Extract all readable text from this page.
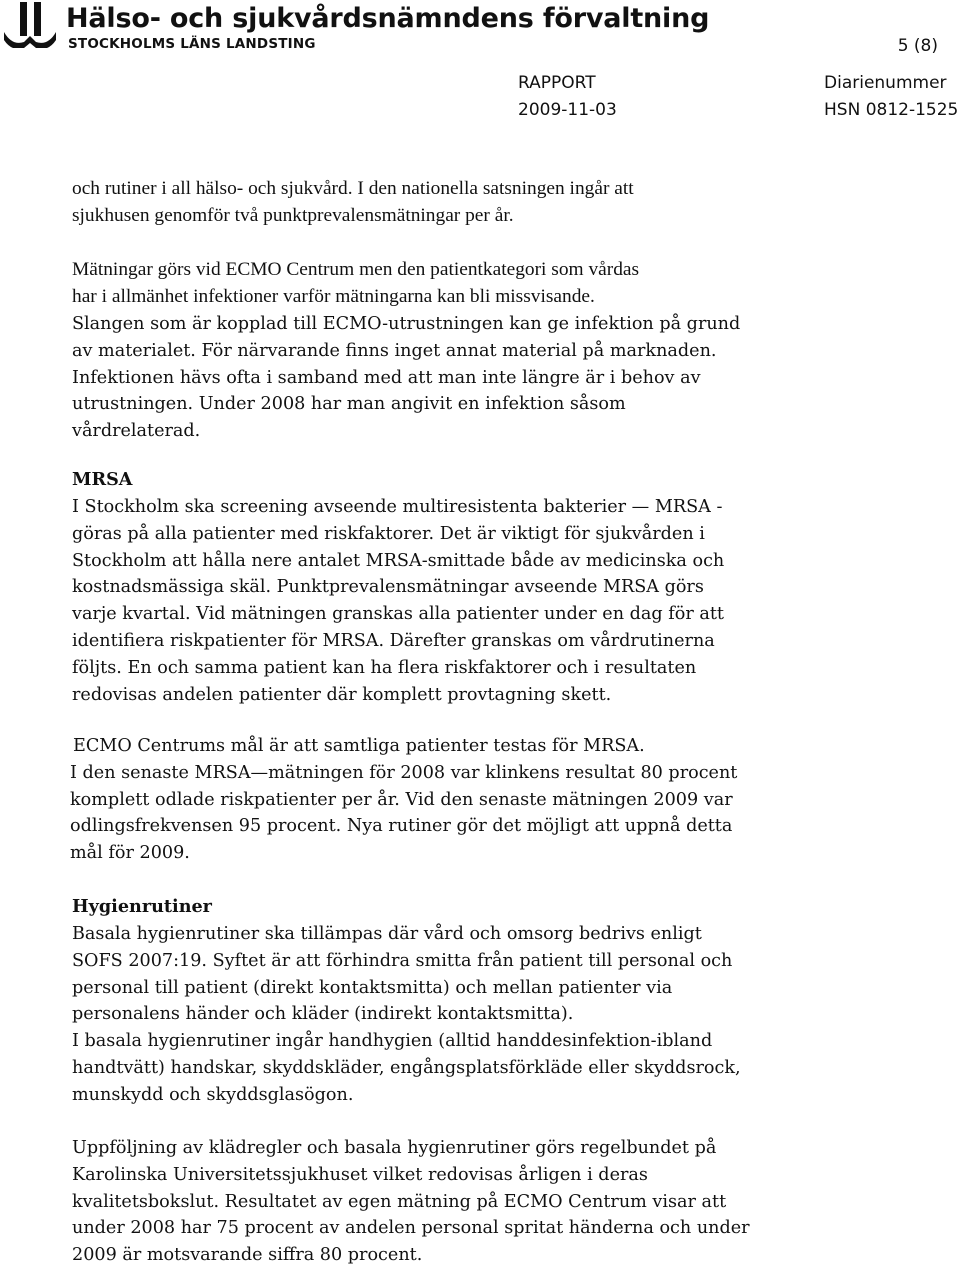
Hälso- och sjukvårdsnämndens förvaltning
STOCKHOLMS LÄNS LANDSTING	5 (8)
RAPPORT
2009-11-03
Diarienummer
HSN 0812-1525
och rutiner i all hälso- och sjukvård. I den nationella satsningen ingår att
sjukhusen genomför två punktprevalensmätningar per år.
Mätningar görs vid ECMO Centrum men den patientkategori som vårdas
har i allmänhet infektioner varför mätningarna kan bli missvisande.
Slangen som är kopplad till ECMO-utrustningen kan ge infektion på grund
av materialet. För närvarande finns inget annat material på marknaden.
Infektionen hävs ofta i samband med att man inte längre är i behov av
utrustningen. Under 2008 har man angivit en infektion såsom
vårdrelaterad.
MRSA
I Stockholm ska screening avseende multiresistenta bakterier — MRSA -
göras på alla patienter med riskfaktorer. Det är viktigt för sjukvården i
Stockholm att hålla nere antalet MRSA-smittade både av medicinska och
kostnadsmässiga skäl. Punktprevalensmätningar avseende MRSA görs
varje kvartal. Vid mätningen granskas alla patienter under en dag för att
identifiera riskpatienter för MRSA. Därefter granskas om vårdrutinerna
följts. En och samma patient kan ha flera riskfaktorer och i resultaten
redovisas andelen patienter där komplett provtagning skett.
ECMO Centrums mål är att samtliga patienter testas för MRSA.
I den senaste MRSA—mätningen för 2008 var klinkens resultat 80 procent
komplett odlade riskpatienter per år. Vid den senaste mätningen 2009 var
odlingsfrekvensen 95 procent. Nya rutiner gör det möjligt att uppnå detta
mål för 2009.
Hygienrutiner
Basala hygienrutiner ska tillämpas där vård och omsorg bedrivs enligt
SOFS 2007:19. Syftet är att förhindra smitta från patient till personal och
personal till patient (direkt kontaktsmitta) och mellan patienter via
personalens händer och kläder (indirekt kontaktsmitta).
I basala hygienrutiner ingår handhygien (alltid handdesinfektion-ibland
handtvätt) handskar, skyddskläder, engångsplatsförkläde eller skyddsrock,
munskydd och skyddsglasögon.
Uppföljning av klädregler och basala hygienrutiner görs regelbundet på
Karolinska Universitetssjukhuset vilket redovisas årligen i deras
kvalitetsbokslut. Resultatet av egen mätning på ECMO Centrum visar att
under 2008 har 75 procent av andelen personal spritat händerna och under
2009 är motsvarande siffra 80 procent.
